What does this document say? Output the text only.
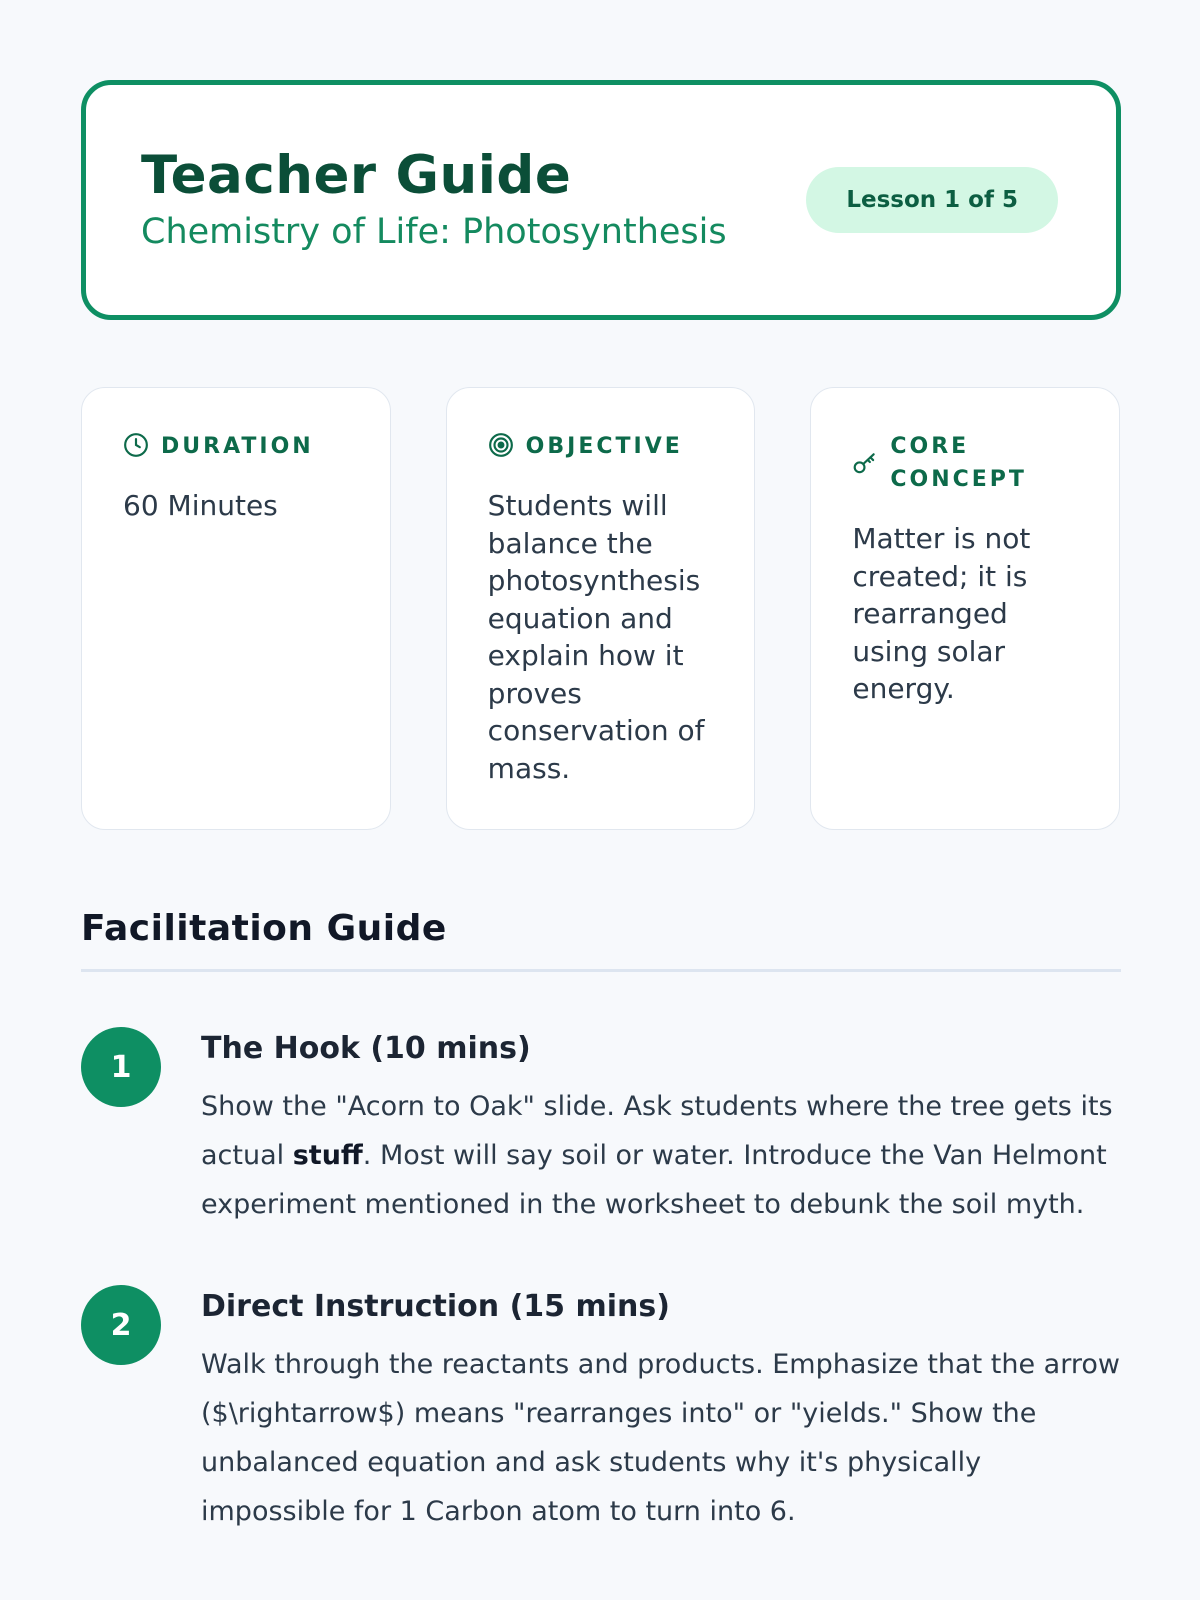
Teacher Guide
Chemistry of Life: Photosynthesis
Lesson 1 of 5
DURATION
60 Minutes
OBJECTIVE
Students will balance the photosynthesis equation and explain how it proves conservation of mass.
CORE CONCEPT
Matter is not created; it is rearranged using solar energy.
Facilitation Guide
1
The Hook (10 mins)
Show the "Acorn to Oak" slide. Ask students where the tree gets its actual stuff. Most will say soil or water. Introduce the Van Helmont experiment mentioned in the worksheet to debunk the soil myth.
2
Direct Instruction (15 mins)
Walk through the reactants and products. Emphasize that the arrow ($\rightarrow$) means "rearranges into" or "yields." Show the unbalanced equation and ask students why it's physically impossible for 1 Carbon atom to turn into 6.
